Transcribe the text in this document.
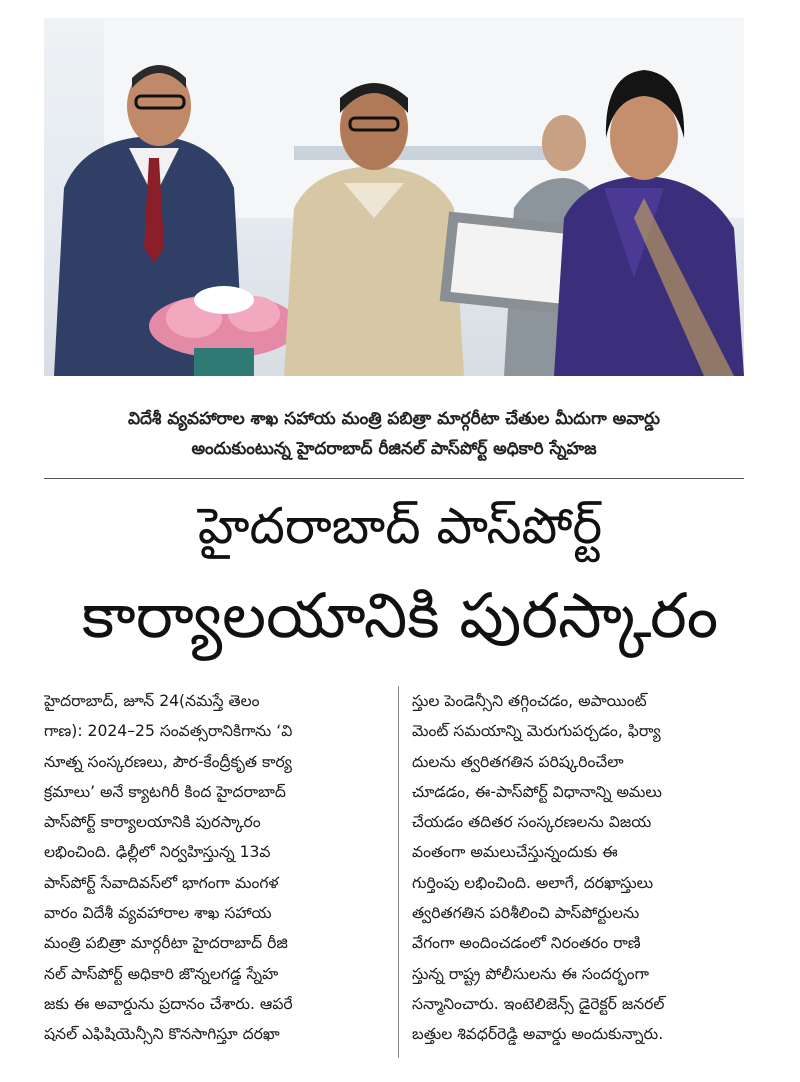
విదేశీ వ్యవహారాల శాఖ సహాయ మంత్రి పబిత్రా మార్గరీటా చేతుల మీదుగా అవార్డు
అందుకుంటున్న హైదరాబాద్ రీజినల్ పాస్‌పోర్ట్ అధికారి స్నేహజ
హైదరాబాద్ పాస్‌పోర్ట్
కార్యాలయానికి పురస్కారం
హైదరాబాద్, జూన్ 24(నమస్తే తెలం
గాణ): 2024–25 సంవత్సరానికిగాను ‘వి
నూత్న సంస్కరణలు, పౌర-కేంద్రీకృత కార్య
క్రమాలు’ అనే క్యాటగిరీ కింద హైదరాబాద్
పాస్‌పోర్ట్ కార్యాలయానికి పురస్కారం
లభించింది. ఢిల్లీలో నిర్వహిస్తున్న 13వ
పాస్‌పోర్ట్ సేవాదివస్‌లో భాగంగా మంగళ
వారం విదేశీ వ్యవహారాల శాఖ సహాయ
మంత్రి పబిత్రా మార్గరీటా హైదరాబాద్ రీజి
నల్ పాస్‌పోర్ట్ అధికారి జొన్నలగడ్డ స్నేహ
జకు ఈ అవార్డును ప్రదానం చేశారు. ఆపరే
షనల్ ఎఫిషియెన్సీని కొనసాగిస్తూ దరఖా
స్తుల పెండెన్సీని తగ్గించడం, అపాయింట్
మెంట్ సమయాన్ని మెరుగుపర్చడం, ఫిర్యా
దులను త్వరితగతిన పరిష్కరించేలా
చూడడం, ఈ-పాస్‌పోర్ట్ విధానాన్ని అమలు
చేయడం తదితర సంస్కరణలను విజయ
వంతంగా అమలుచేస్తున్నందుకు ఈ
గుర్తింపు లభించింది. అలాగే, దరఖాస్తులు
త్వరితగతిన పరిశీలించి పాస్‌పోర్టులను
వేగంగా అందించడంలో నిరంతరం రాణి
స్తున్న రాష్ట్ర పోలీసులను ఈ సందర్భంగా
సన్మానించారు. ఇంటెలిజెన్స్ డైరెక్టర్ జనరల్
బత్తుల శివధర్‌రెడ్డి అవార్డు అందుకున్నారు.
